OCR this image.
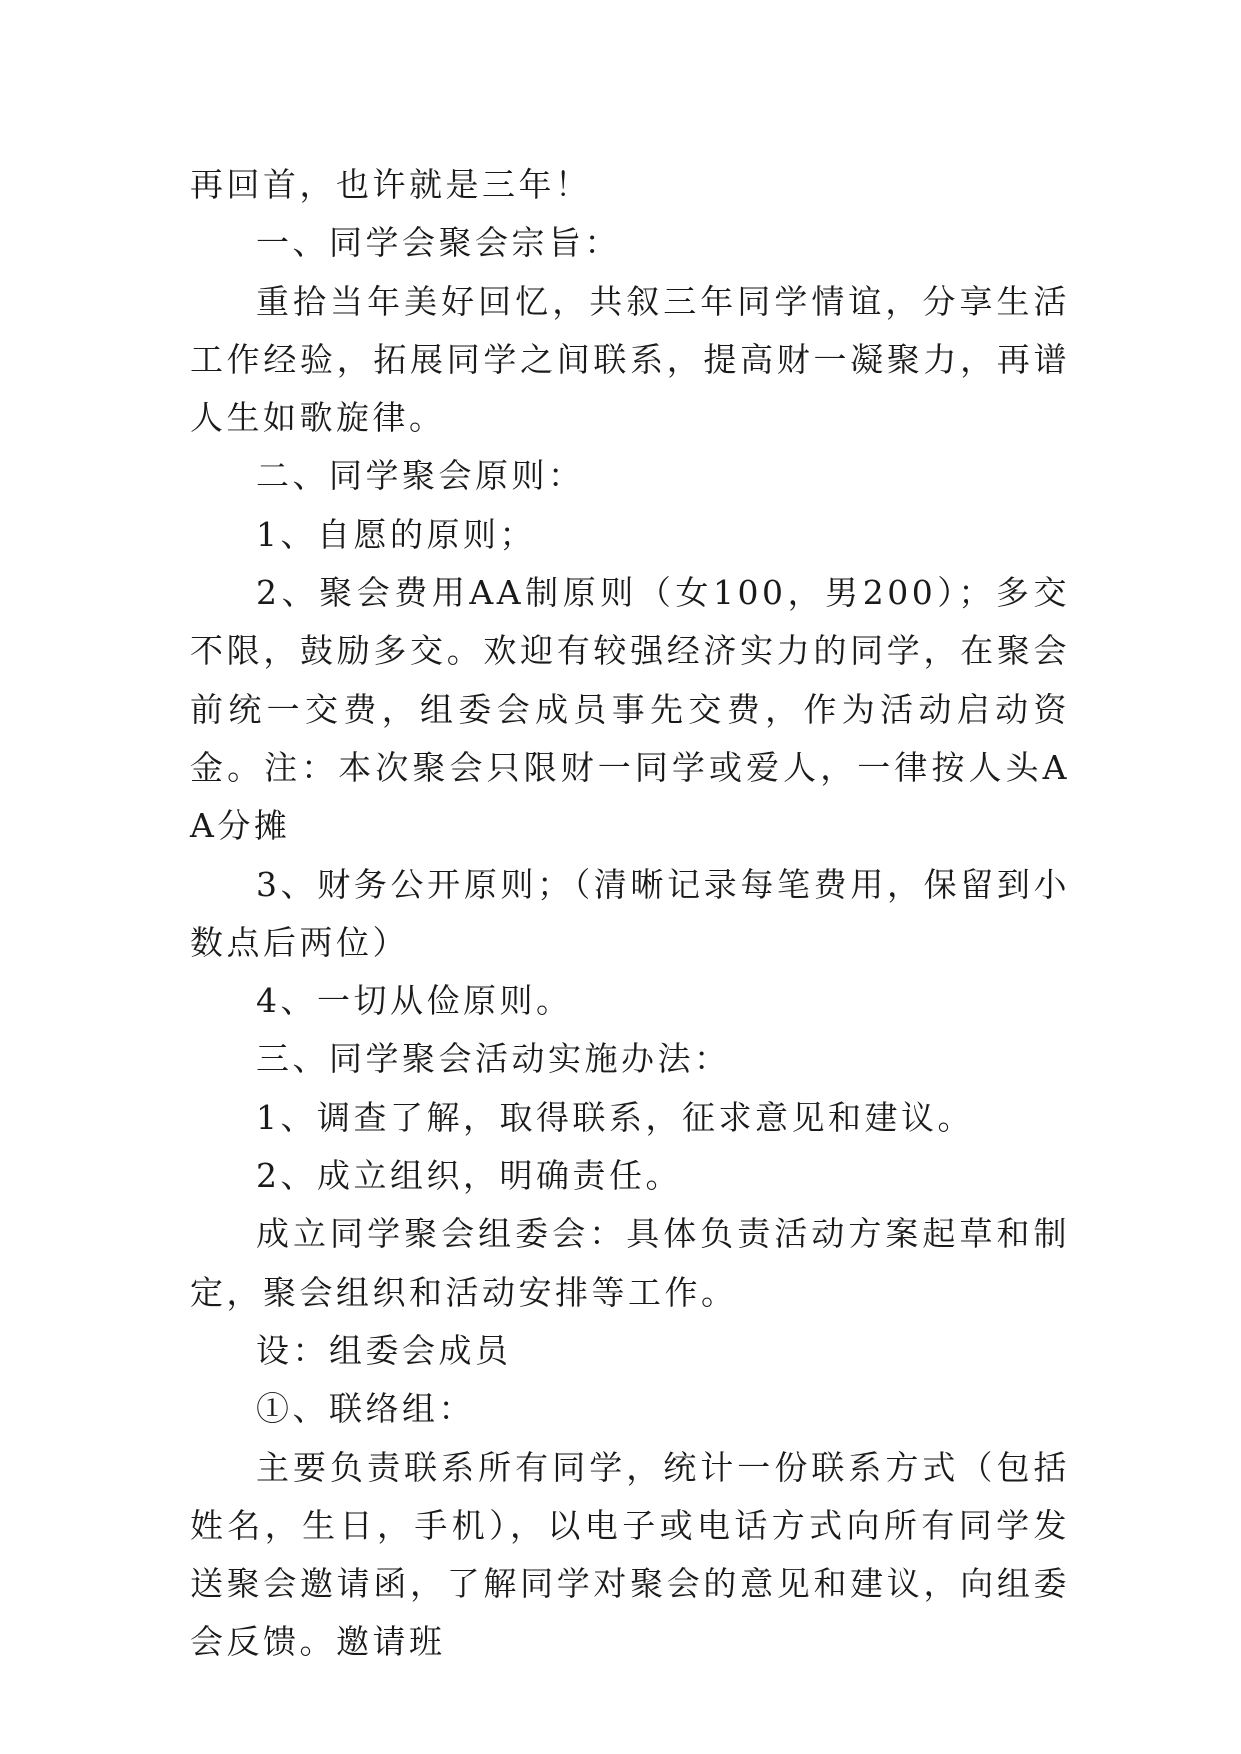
再回首，也许就是三年！

一、同学会聚会宗旨：

重拾当年美好回忆，共叙三年同学情谊，分享生活工作经验，拓展同学之间联系，提高财一凝聚力，再谱人生如歌旋律。

二、同学聚会原则：

1、自愿的原则；

2、聚会费用AA制原则（女100，男200）；多交不限，鼓励多交。欢迎有较强经济实力的同学，在聚会前统一交费，组委会成员事先交费，作为活动启动资金。注：本次聚会只限财一同学或爱人，一律按人头AA分摊

3、财务公开原则；（清晰记录每笔费用，保留到小数点后两位）

4、一切从俭原则。

三、同学聚会活动实施办法：

1、调查了解，取得联系，征求意见和建议。

2、成立组织，明确责任。

成立同学聚会组委会：具体负责活动方案起草和制定，聚会组织和活动安排等工作。

设：组委会成员

①、联络组：

主要负责联系所有同学，统计一份联系方式（包括姓名，生日，手机），以电子或电话方式向所有同学发送聚会邀请函，了解同学对聚会的意见和建议，向组委会反馈。邀请班
